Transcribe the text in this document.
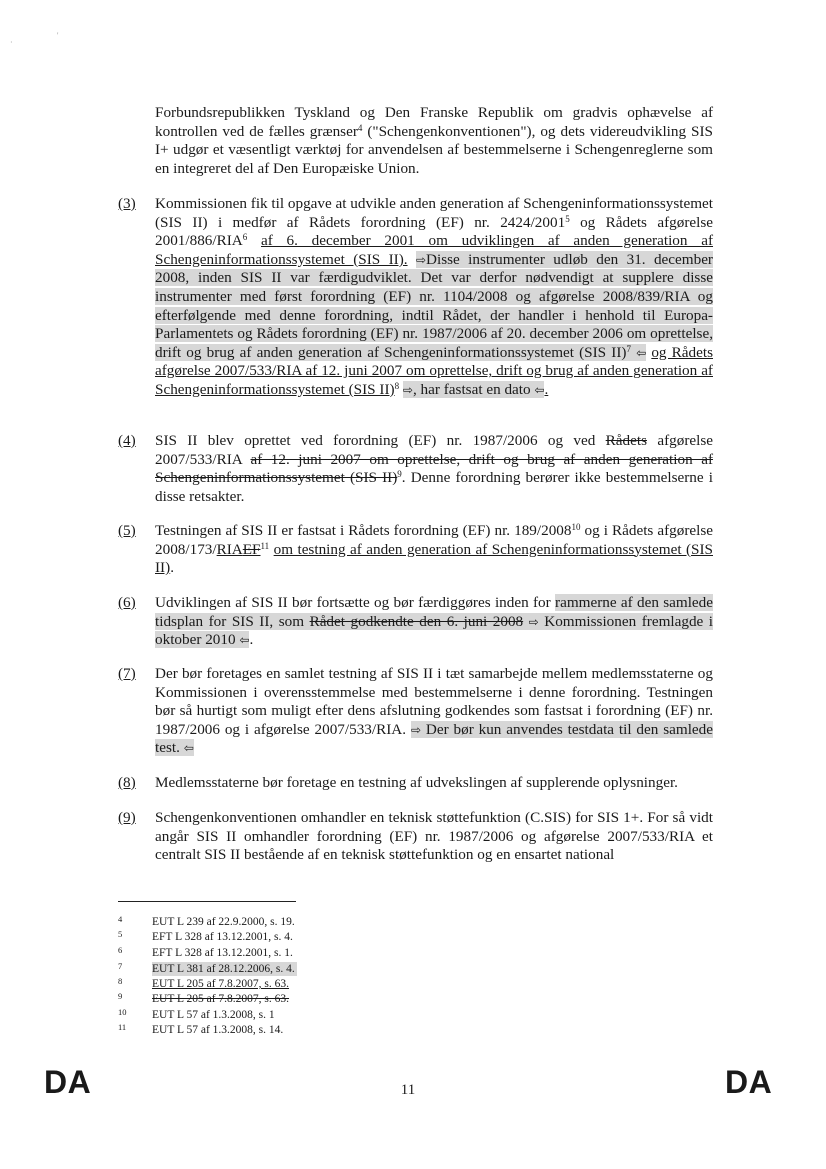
·
'

Forbundsrepublikken Tyskland og Den Franske Republik om gradvis ophævelse af kontrollen ved de fælles grænser$^4$ ("Schengenkonventionen"), og dets videreudvikling SIS I+ udgør et væsentligt værktøj for anvendelsen af bestemmelserne i Schengenreglerne som en integreret del af Den Europæiske Union.

(3)	Kommissionen fik til opgave at udvikle anden generation af Schengeninformationssystemet (SIS II) i medfør af Rådets forordning (EF) nr. 2424/2001$^5$ og Rådets afgørelse 2001/886/RIA$^6$ af 6. december 2001 om udviklingen af anden generation af Schengeninformationssystemet (SIS II). ⇨Disse instrumenter udløb den 31. december 2008, inden SIS II var færdigudviklet. Det var derfor nødvendigt at supplere disse instrumenter med først forordning (EF) nr. 1104/2008 og afgørelse 2008/839/RIA og efterfølgende med denne forordning, indtil Rådet, der handler i henhold til Europa-Parlamentets og Rådets forordning (EF) nr. 1987/2006 af 20. december 2006 om oprettelse, drift og brug af anden generation af Schengeninformationssystemet (SIS II)$^7$ ⇦ og Rådets afgørelse 2007/533/RIA af 12. juni 2007 om oprettelse, drift og brug af anden generation af Schengeninformationssystemet (SIS II)$^8$ ⇨, har fastsat en dato ⇦.
(4)	SIS II blev oprettet ved forordning (EF) nr. 1987/2006 og ved Rådets afgørelse 2007/533/RIA af 12. juni 2007 om oprettelse, drift og brug af anden generation af Schengeninformationssystemet (SIS II)$^9$. Denne forordning berører ikke bestemmelserne i disse retsakter.
(5)	Testningen af SIS II er fastsat i Rådets forordning (EF) nr. 189/2008$^{10}$ og i Rådets afgørelse 2008/173/RIAEF$^{11}$ om testning af anden generation af Schengeninformationssystemet (SIS II).
(6)	Udviklingen af SIS II bør fortsætte og bør færdiggøres inden for rammerne af den samlede tidsplan for SIS II, som Rådet godkendte den 6. juni 2008 ⇨ Kommissionen fremlagde i oktober 2010 ⇦.
(7)	Der bør foretages en samlet testning af SIS II i tæt samarbejde mellem medlemsstaterne og Kommissionen i overensstemmelse med bestemmelserne i denne forordning. Testningen bør så hurtigt som muligt efter dens afslutning godkendes som fastsat i forordning (EF) nr. 1987/2006 og i afgørelse 2007/533/RIA. ⇨ Der bør kun anvendes testdata til den samlede test. ⇦
(8)	Medlemsstaterne bør foretage en testning af udvekslingen af supplerende oplysninger.
(9)	Schengenkonventionen omhandler en teknisk støttefunktion (C.SIS) for SIS 1+. For så vidt angår SIS II omhandler forordning (EF) nr. 1987/2006 og afgørelse 2007/533/RIA et centralt SIS II bestående af en teknisk støttefunktion og en ensartet national
4	EUT L 239 af 22.9.2000, s. 19.
5	EFT L 328 af 13.12.2001, s. 4.
6	EFT L 328 af 13.12.2001, s. 1.
7	EUT L 381 af 28.12.2006, s. 4.
8	EUT L 205 af 7.8.2007, s. 63.
9	EUT L 205 af 7.8.2007, s. 63.
10	EUT L 57 af 1.3.2008, s. 1
11	EUT L 57 af 1.3.2008, s. 14.
DA	11	DA
